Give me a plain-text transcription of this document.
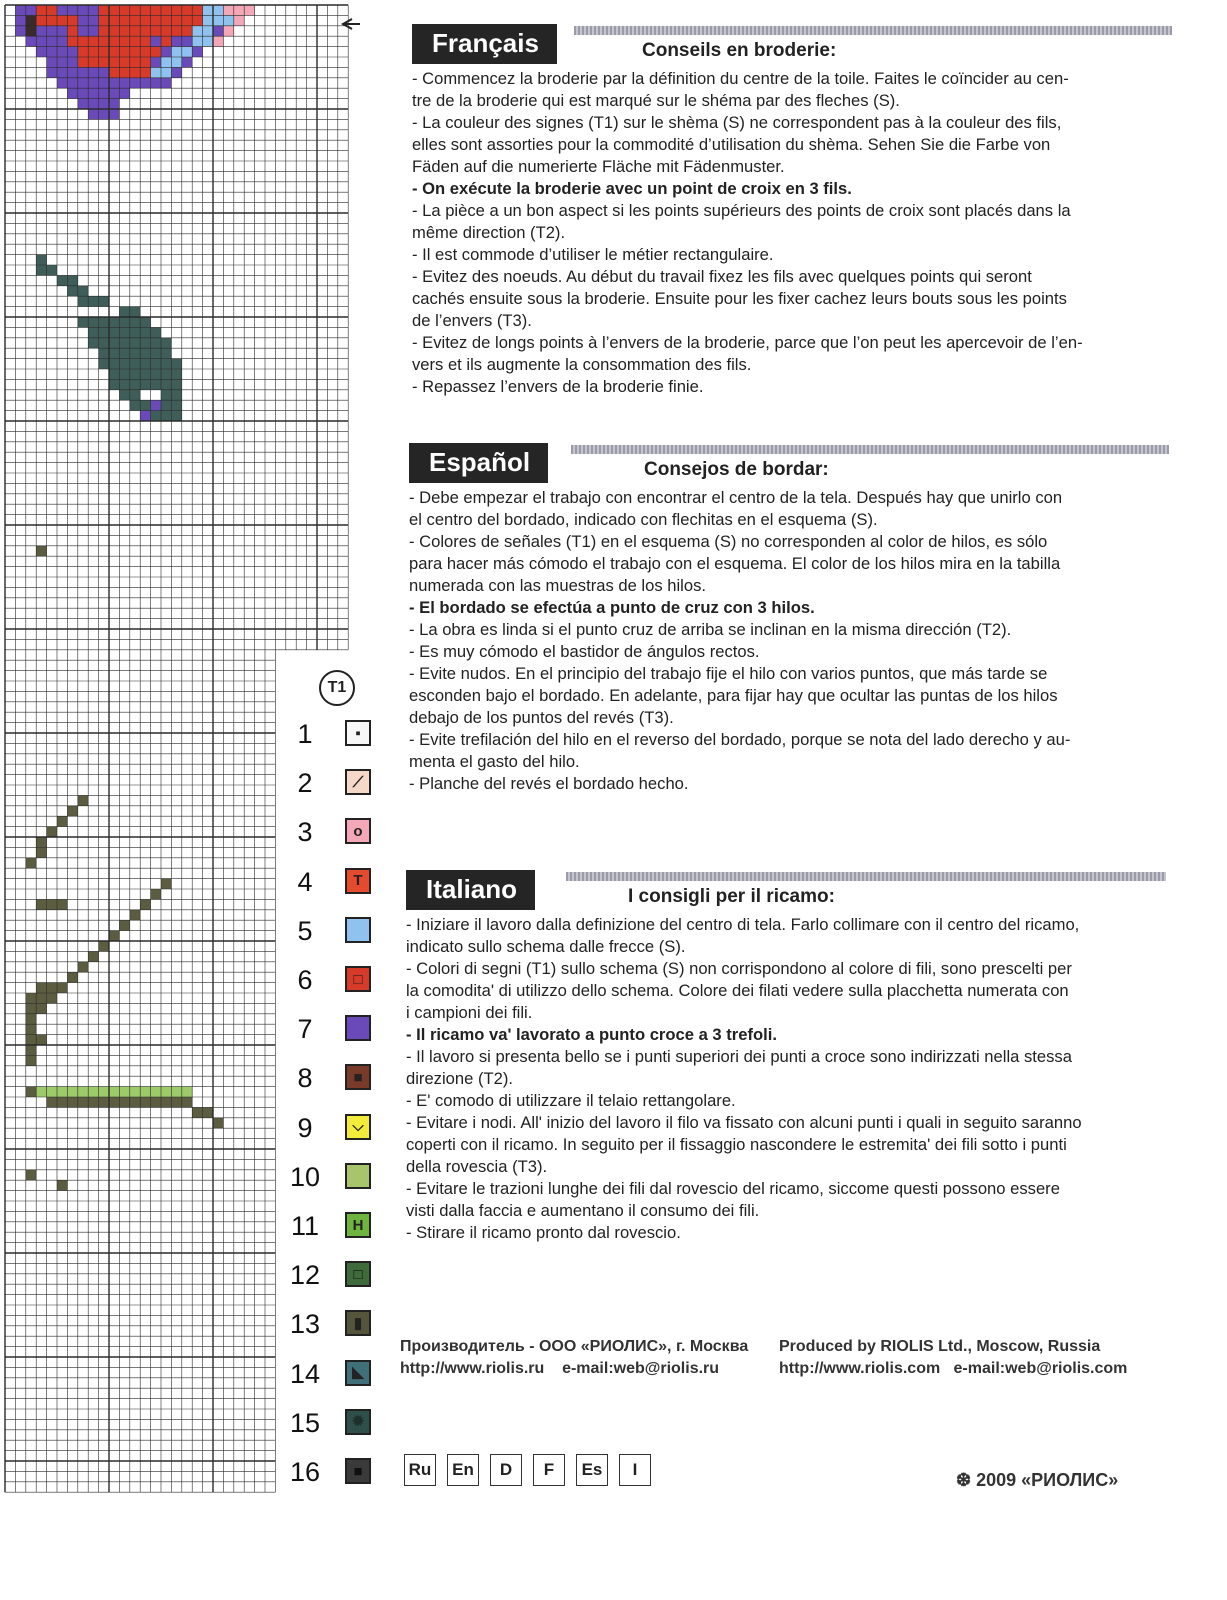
T1
1	▪
2	⟋
3	o
4	T
5
6	□
7
8	■
9	⌵
10
11	H
12	□
13	▮
14	◣
15	✹
16	■
Français	Conseils en broderie:

- Commencez la broderie par la définition du centre de la toile. Faites le coïncider au cen-

tre de la broderie qui est marqué sur le shéma par des fleches (S).

- La couleur des signes (T1) sur le shèma (S) ne correspondent pas à la couleur des fils,

elles sont assorties pour la commodité d’utilisation du shèma. Sehen Sie die Farbe von

Fäden auf die numerierte Fläche mit Fädenmuster.

- On exécute la broderie avec un point de croix en 3 fils.

- La pièce a un bon aspect si les points supérieurs des points de croix sont placés dans la

même direction (T2).

- Il est commode d’utiliser le métier rectangulaire.

- Evitez des noeuds. Au début du travail fixez les fils avec quelques points qui seront

cachés ensuite sous la broderie. Ensuite pour les fixer cachez leurs bouts sous les points

de l’envers (T3).

- Evitez de longs points à l’envers de la broderie, parce que l’on peut les apercevoir de l’en-

vers et ils augmente la consommation des fils.

- Repassez l’envers de la broderie finie.

Español	Consejos de bordar:

- Debe empezar el trabajo con encontrar el centro de la tela. Después hay que unirlo con

el centro del bordado, indicado con flechitas en el esquema (S).

- Colores de señales (T1) en el esquema (S) no corresponden al color de hilos, es sólo

para hacer más cómodo el trabajo con el esquema. El color de los hilos mira en la tabilla

numerada con las muestras de los hilos.

- El bordado se efectúa a punto de cruz con 3 hilos.

- La obra es linda si el punto cruz de arriba se inclinan en la misma dirección (T2).

- Es muy cómodo el bastidor de ángulos rectos.

- Evite nudos. En el principio del trabajo fije el hilo con varios puntos, que más tarde se

esconden bajo el bordado. En adelante, para fijar hay que ocultar las puntas de los hilos

debajo de los puntos del revés (T3).

- Evite trefilación del hilo en el reverso del bordado, porque se nota del lado derecho y au-

menta el gasto del hilo.

- Planche del revés el bordado hecho.

Italiano	I consigli per il ricamo:

- Iniziare il lavoro dalla definizione del centro di tela. Farlo collimare con il centro del ricamo,

indicato sullo schema dalle frecce (S).

- Colori di segni (T1) sullo schema (S) non corrispondono al colore di fili, sono prescelti per

la comodita' di utilizzo dello schema. Colore dei filati vedere sulla placchetta numerata con

i campioni dei fili.

- Il ricamo va' lavorato a punto croce a 3 trefoli.

- Il lavoro si presenta bello se i punti superiori dei punti a croce sono indirizzati nella stessa

direzione (T2).

- E' comodo di utilizzare il telaio rettangolare.

- Evitare i nodi. All' inizio del lavoro il filo va fissato con alcuni punti i quali in seguito saranno

coperti con il ricamo. In seguito per il fissaggio nascondere le estremita' dei fili sotto i punti

della rovescia (T3).

- Evitare le trazioni lunghe dei fili dal rovescio del ricamo, siccome questi possono essere

visti dalla faccia e aumentano il consumo dei fili.

- Stirare il ricamo pronto dal rovescio.

Производитель - ООО «РИОЛИС», г. Москва
http://www.riolis.ru    e-mail:web@riolis.ru
Produced by RIOLIS Ltd., Moscow, Russia
http://www.riolis.com   e-mail:web@riolis.com
Ru	En	D	F	Es	I
❆ 2009 «РИОЛИС»
